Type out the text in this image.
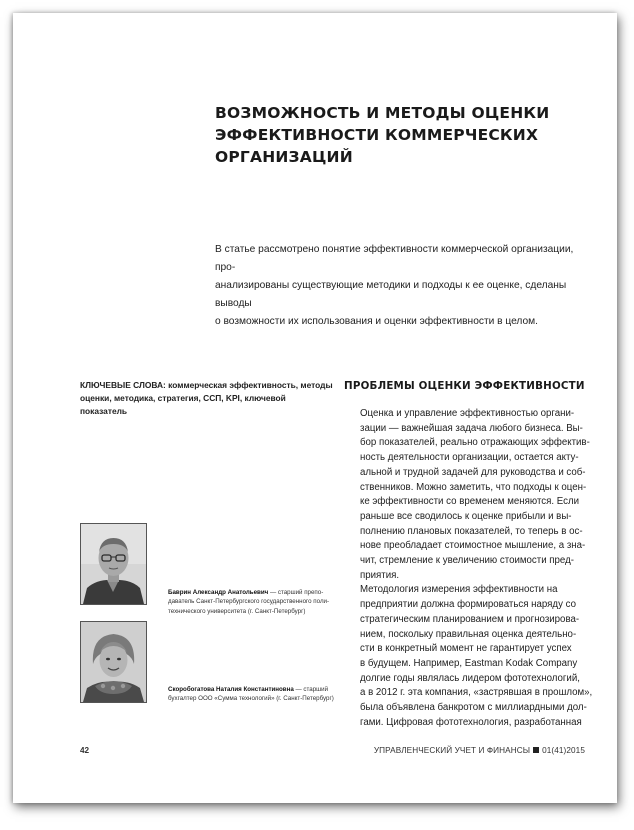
ВОЗМОЖНОСТЬ И МЕТОДЫ ОЦЕНКИ
ЭФФЕКТИВНОСТИ КОММЕРЧЕСКИХ
ОРГАНИЗАЦИЙ
В статье рассмотрено понятие эффективности коммерческой организации, про-
анализированы существующие методики и подходы к ее оценке, сделаны выводы
о возможности их использования и оценки эффективности в целом.
КЛЮЧЕВЫЕ СЛОВА: коммерческая эффективность, методы
оценки, методика, стратегия, ССП, KPI, ключевой показатель
ПРОБЛЕМЫ ОЦЕНКИ ЭФФЕКТИВНОСТИ

Оценка и управление эффективностью органи-
зации — важнейшая задача любого бизнеса. Вы-
бор показателей, реально отражающих эффектив-
ность деятельности организации, остается акту-
альной и трудной задачей для руководства и соб-
ственников. Можно заметить, что подходы к оцен-
ке эффективности со временем меняются. Если
раньше все сводилось к оценке прибыли и вы-
полнению плановых показателей, то теперь в ос-
нове преобладает стоимостное мышление, а зна-
чит, стремление к увеличению стоимости пред-
приятия.

Методология измерения эффективности на
предприятии должна формироваться наряду со
стратегическим планированием и прогнозирова-
нием, поскольку правильная оценка деятельно-
сти в конкретный момент не гарантирует успех
в будущем. Например, Eastman Kodak Company
долгие годы являлась лидером фототехнологий,
а в 2012 г. эта компания, «застрявшая в прошлом»,
была объявлена банкротом с миллиардными дол-
гами. Цифровая фототехнология, разработанная

Баврин Александр Анатольевич — старший препо-
даватель Санкт-Петербургского государственного поли-
технического университета (г. Санкт-Петербург)
Скоробогатова Наталия Константиновна — старший
бухгалтер ООО «Сумма технологий» (г. Санкт-Петербург)
42	УПРАВЛЕНЧЕСКИЙ УЧЕТ И ФИНАНСЫ 01(41)2015
